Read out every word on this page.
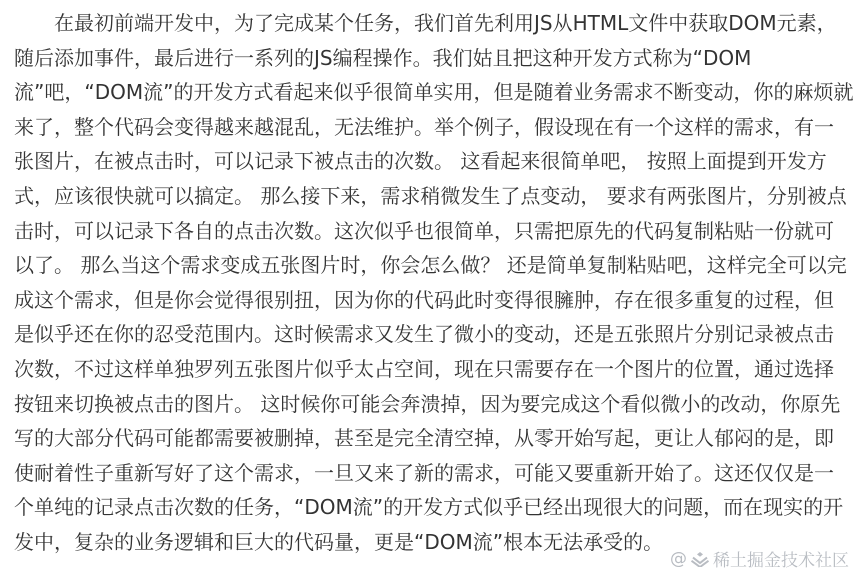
在最初前端开发中，为了完成某个任务，我们首先利用JS从HTML文件中获取DOM元素，
随后添加事件，最后进行一系列的JS编程操作。我们姑且把这种开发方式称为“DOM
流”吧，“DOM流”的开发方式看起来似乎很简单实用，但是随着业务需求不断变动，你的麻烦就
来了，整个代码会变得越来越混乱，无法维护。举个例子，假设现在有一个这样的需求，有一
张图片，在被点击时，可以记录下被点击的次数。 这看起来很简单吧， 按照上面提到开发方
式，应该很快就可以搞定。 那么接下来，需求稍微发生了点变动， 要求有两张图片，分别被点
击时，可以记录下各自的点击次数。这次似乎也很简单，只需把原先的代码复制粘贴一份就可
以了。 那么当这个需求变成五张图片时，你会怎么做？ 还是简单复制粘贴吧，这样完全可以完
成这个需求，但是你会觉得很别扭，因为你的代码此时变得很臃肿，存在很多重复的过程，但
是似乎还在你的忍受范围内。这时候需求又发生了微小的变动，还是五张照片分别记录被点击
次数，不过这样单独罗列五张图片似乎太占空间，现在只需要存在一个图片的位置，通过选择
按钮来切换被点击的图片。 这时候你可能会奔溃掉，因为要完成这个看似微小的改动，你原先
写的大部分代码可能都需要被删掉，甚至是完全清空掉，从零开始写起，更让人郁闷的是，即
使耐着性子重新写好了这个需求，一旦又来了新的需求，可能又要重新开始了。这还仅仅是一
个单纯的记录点击次数的任务，“DOM流”的开发方式似乎已经出现很大的问题，而在现实的开
发中，复杂的业务逻辑和巨大的代码量，更是“DOM流”根本无法承受的。
@ 稀土掘金技术社区
